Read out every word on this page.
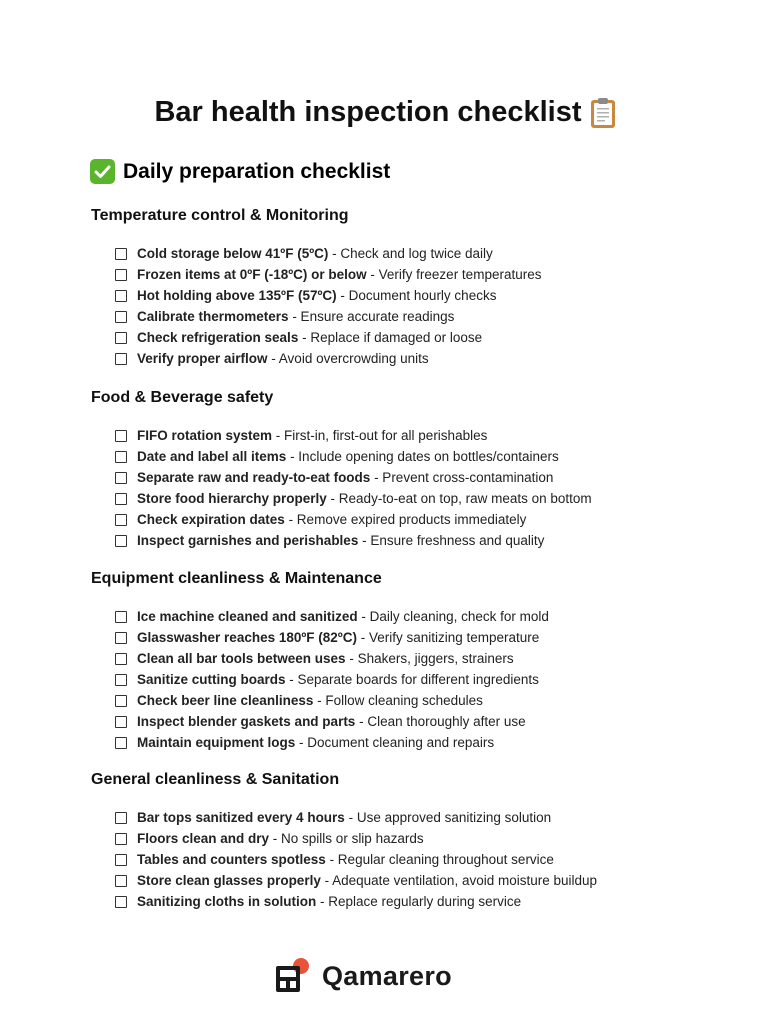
Bar health inspection checklist
Daily preparation checklist
Temperature control & Monitoring
Cold storage below 41ºF (5ºC) - Check and log twice daily
Frozen items at 0ºF (-18ºC) or below - Verify freezer temperatures
Hot holding above 135ºF (57ºC) - Document hourly checks
Calibrate thermometers - Ensure accurate readings
Check refrigeration seals - Replace if damaged or loose
Verify proper airflow - Avoid overcrowding units
Food & Beverage safety
FIFO rotation system - First-in, first-out for all perishables
Date and label all items - Include opening dates on bottles/containers
Separate raw and ready-to-eat foods - Prevent cross-contamination
Store food hierarchy properly - Ready-to-eat on top, raw meats on bottom
Check expiration dates - Remove expired products immediately
Inspect garnishes and perishables - Ensure freshness and quality
Equipment cleanliness & Maintenance
Ice machine cleaned and sanitized - Daily cleaning, check for mold
Glasswasher reaches 180ºF (82ºC) - Verify sanitizing temperature
Clean all bar tools between uses - Shakers, jiggers, strainers
Sanitize cutting boards - Separate boards for different ingredients
Check beer line cleanliness - Follow cleaning schedules
Inspect blender gaskets and parts - Clean thoroughly after use
Maintain equipment logs - Document cleaning and repairs
General cleanliness & Sanitation
Bar tops sanitized every 4 hours - Use approved sanitizing solution
Floors clean and dry - No spills or slip hazards
Tables and counters spotless - Regular cleaning throughout service
Store clean glasses properly - Adequate ventilation, avoid moisture buildup
Sanitizing cloths in solution - Replace regularly during service
Qamarero
